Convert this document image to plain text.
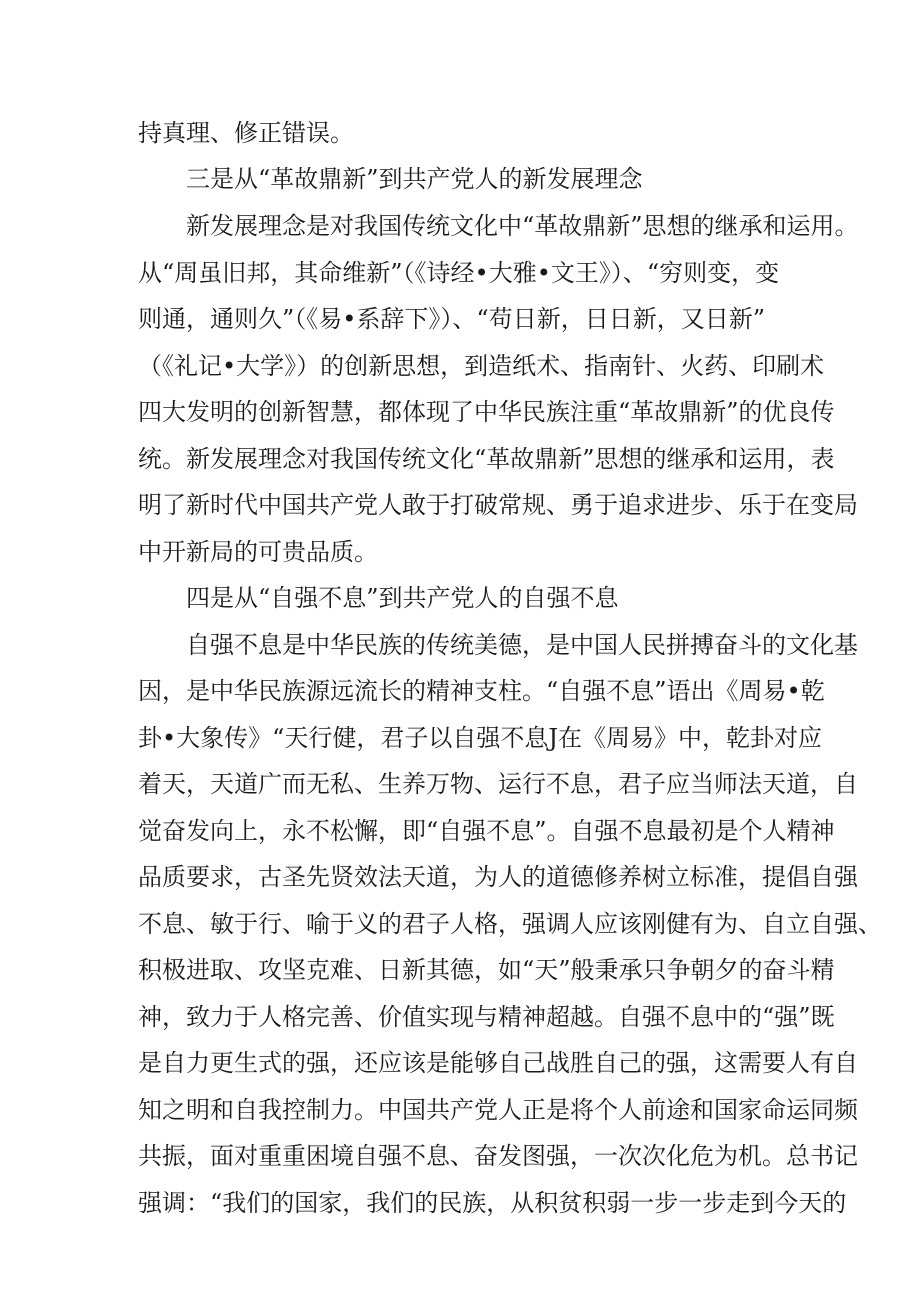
持真理、修正错误。
三是从“革故鼎新”到共产党人的新发展理念
新发展理念是对我国传统文化中“革故鼎新”思想的继承和运用。
从“周虽旧邦，其命维新”（《诗经•大雅•文王》）、“穷则变，变
则通，通则久”（《易•系辞下》）、“苟日新，日日新，又日新”
（《礼记•大学》）的创新思想，到造纸术、指南针、火药、印刷术
四大发明的创新智慧，都体现了中华民族注重“革故鼎新”的优良传
统。新发展理念对我国传统文化“革故鼎新”思想的继承和运用，表
明了新时代中国共产党人敢于打破常规、勇于追求进步、乐于在变局
中开新局的可贵品质。
四是从“自强不息”到共产党人的自强不息
自强不息是中华民族的传统美德，是中国人民拼搏奋斗的文化基
因，是中华民族源远流长的精神支柱。“自强不息”语出《周易•乾
卦•大象传》“天行健，君子以自强不息J在《周易》中，乾卦对应
着天，天道广而无私、生养万物、运行不息，君子应当师法天道，自
觉奋发向上，永不松懈，即“自强不息”。自强不息最初是个人精神
品质要求，古圣先贤效法天道，为人的道德修养树立标准，提倡自强
不息、敏于行、喻于义的君子人格，强调人应该刚健有为、自立自强、
积极进取、攻坚克难、日新其德，如“天”般秉承只争朝夕的奋斗精
神，致力于人格完善、价值实现与精神超越。自强不息中的“强”既
是自力更生式的强，还应该是能够自己战胜自己的强，这需要人有自
知之明和自我控制力。中国共产党人正是将个人前途和国家命运同频
共振，面对重重困境自强不息、奋发图强，一次次化危为机。总书记
强调：“我们的国家，我们的民族，从积贫积弱一步一步走到今天的
